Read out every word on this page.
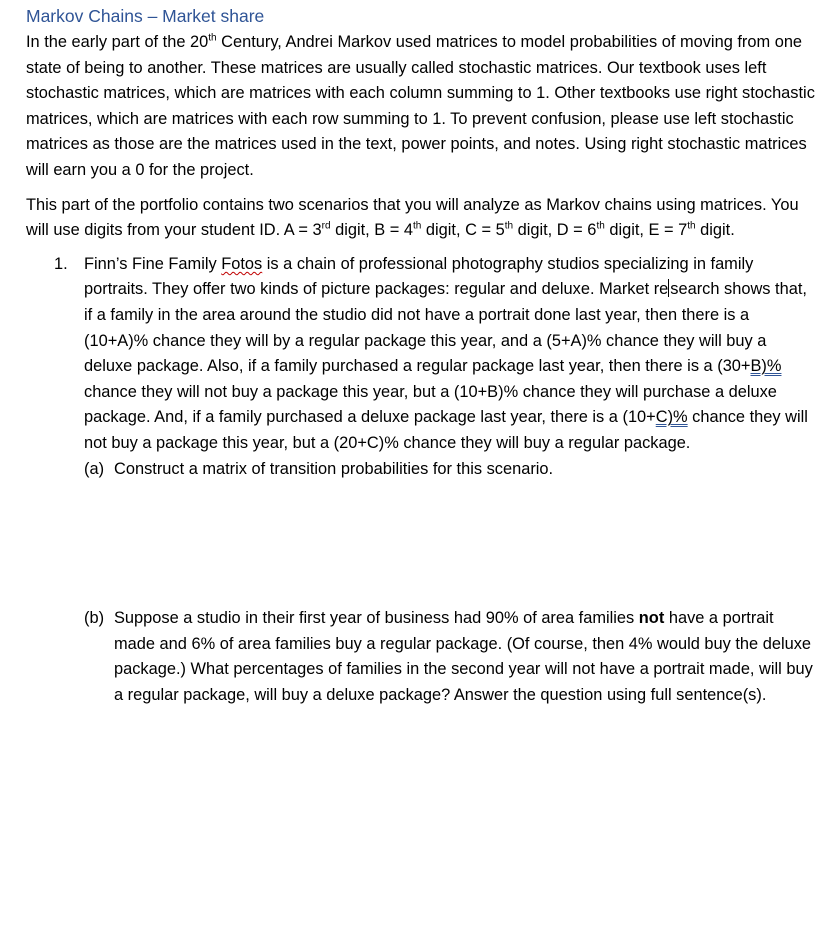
Markov Chains – Market share

In the early part of the 20th Century, Andrei Markov used matrices to model probabilities of moving from one state of being to another. These matrices are usually called stochastic matrices. Our textbook uses left stochastic matrices, which are matrices with each column summing to 1. Other textbooks use right stochastic matrices, which are matrices with each row summing to 1. To prevent confusion, please use left stochastic matrices as those are the matrices used in the text, power points, and notes. Using right stochastic matrices will earn you a 0 for the project.

This part of the portfolio contains two scenarios that you will analyze as Markov chains using matrices. You will use digits from your student ID. A = 3rd digit, B = 4th digit, C = 5th digit, D = 6th digit, E = 7th digit.

1. Finn’s Fine Family Fotos is a chain of professional photography studios specializing in family portraits. They offer two kinds of picture packages: regular and deluxe. Market re search shows that, if a family in the area around the studio did not have a portrait done last year, then there is a (10+A)% chance they will by a regular package this year, and a (5+A)% chance they will buy a deluxe package. Also, if a family purchased a regular package last year, then there is a (30+B)% chance they will not buy a package this year, but a (10+B)% chance they will purchase a deluxe package. And, if a family purchased a deluxe package last year, there is a (10+C)% chance they will not buy a package this year, but a (20+C)% chance they will buy a regular package.
(a) Construct a matrix of transition probabilities for this scenario.
(b) Suppose a studio in their first year of business had 90% of area families not have a portrait made and 6% of area families buy a regular package. (Of course, then 4% would buy the deluxe package.) What percentages of families in the second year will not have a portrait made, will buy a regular package, will buy a deluxe package? Answer the question using full sentence(s).
